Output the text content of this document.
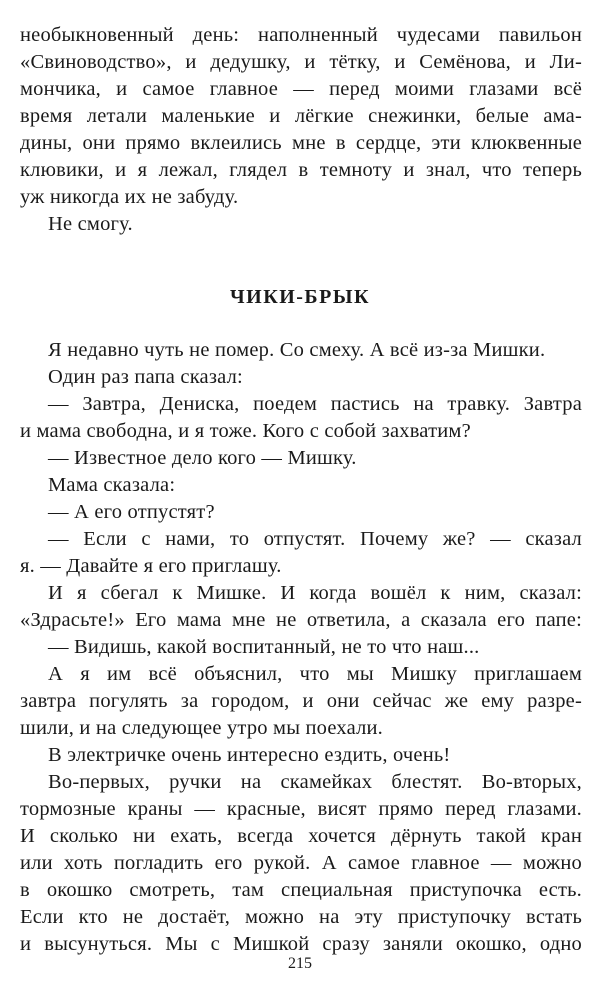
необыкновенный день: наполненный чудесами павильон
«Свиноводство», и дедушку, и тётку, и Семёнова, и Ли-
мончика, и самое главное — перед моими глазами всё
время летали маленькие и лёгкие снежинки, белые ама-
дины, они прямо вклеились мне в сердце, эти клюквенные
клювики, и я лежал, глядел в темноту и знал, что теперь
уж никогда их не забуду.
Не смогу.
ЧИКИ-БРЫК
Я недавно чуть не помер. Со смеху. А всё из-за Мишки.
Один раз папа сказал:
— Завтра, Дениска, поедем пастись на травку. Завтра
и мама свободна, и я тоже. Кого с собой захватим?
— Известное дело кого — Мишку.
Мама сказала:
— А его отпустят?
— Если с нами, то отпустят. Почему же? — сказал
я. — Давайте я его приглашу.
И я сбегал к Мишке. И когда вошёл к ним, сказал:
«Здрасьте!» Его мама мне не ответила, а сказала его папе:
— Видишь, какой воспитанный, не то что наш...
А я им всё объяснил, что мы Мишку приглашаем
завтра погулять за городом, и они сейчас же ему разре-
шили, и на следующее утро мы поехали.
В электричке очень интересно ездить, очень!
Во-первых, ручки на скамейках блестят. Во-вторых,
тормозные краны — красные, висят прямо перед глазами.
И сколько ни ехать, всегда хочется дёрнуть такой кран
или хоть погладить его рукой. А самое главное — можно
в окошко смотреть, там специальная приступочка есть.
Если кто не достаёт, можно на эту приступочку встать
и высунуться. Мы с Мишкой сразу заняли окошко, одно
215
